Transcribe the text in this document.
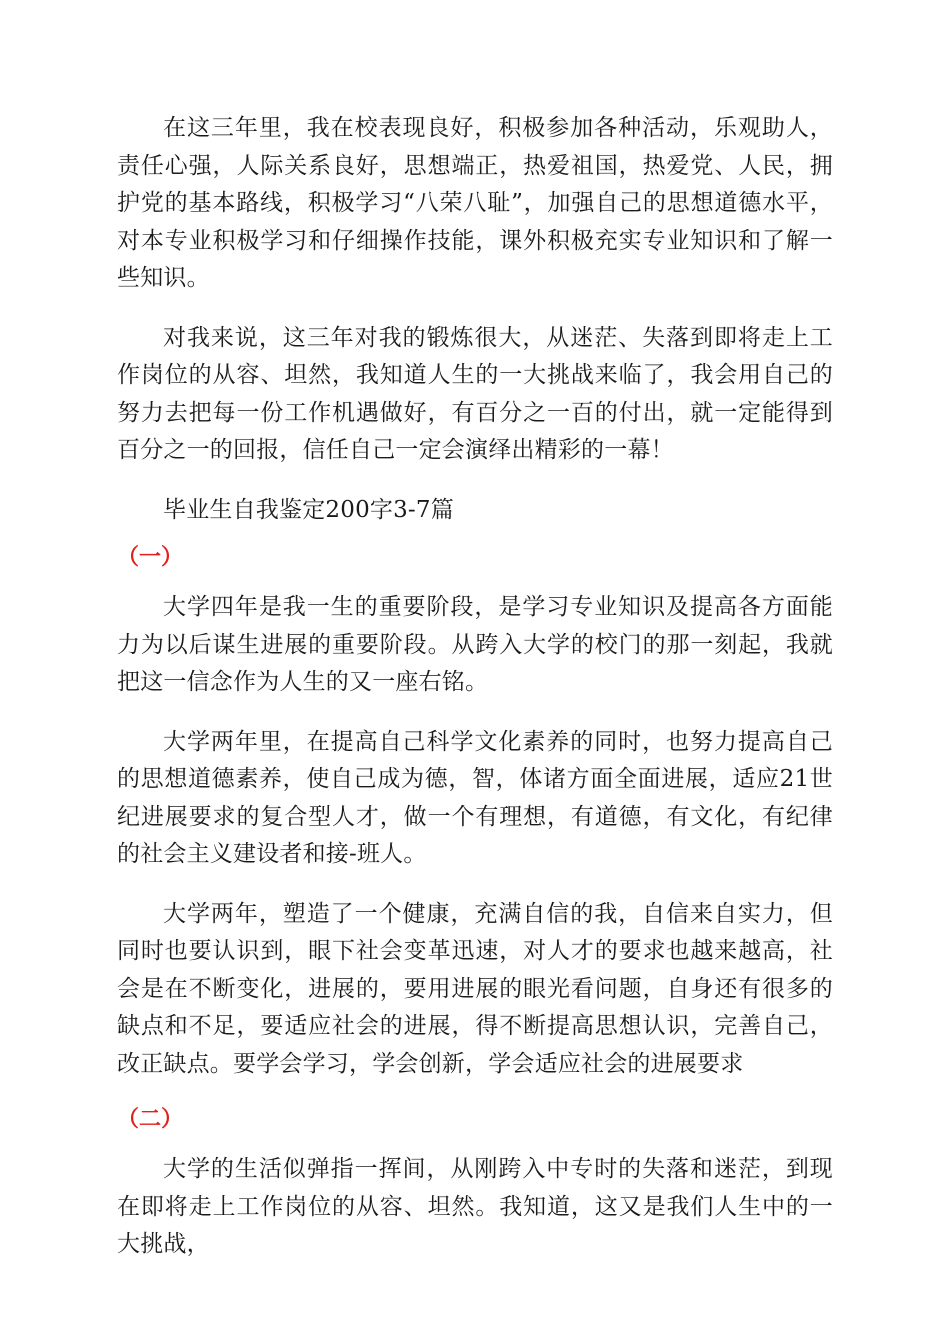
在这三年里，我在校表现良好，积极参加各种活动，乐观助人，责任心强，人际关系良好，思想端正，热爱祖国，热爱党、人民，拥护党的基本路线，积极学习“八荣八耻”，加强自己的思想道德水平，对本专业积极学习和仔细操作技能，课外积极充实专业知识和了解一些知识。

对我来说，这三年对我的锻炼很大，从迷茫、失落到即将走上工作岗位的从容、坦然，我知道人生的一大挑战来临了，我会用自己的努力去把每一份工作机遇做好，有百分之一百的付出，就一定能得到百分之一的回报，信任自己一定会演绎出精彩的一幕！

毕业生自我鉴定200字3-7篇

（一）

大学四年是我一生的重要阶段，是学习专业知识及提高各方面能力为以后谋生进展的重要阶段。从跨入大学的校门的那一刻起，我就把这一信念作为人生的又一座右铭。

大学两年里，在提高自己科学文化素养的同时，也努力提高自己的思想道德素养，使自己成为德，智，体诸方面全面进展，适应21世纪进展要求的复合型人才，做一个有理想，有道德，有文化，有纪律的社会主义建设者和接-班人。

大学两年，塑造了一个健康，充满自信的我，自信来自实力，但同时也要认识到，眼下社会变革迅速，对人才的要求也越来越高，社会是在不断变化，进展的，要用进展的眼光看问题，自身还有很多的缺点和不足，要适应社会的进展，得不断提高思想认识，完善自己，改正缺点。要学会学习，学会创新，学会适应社会的进展要求

（二）

大学的生活似弹指一挥间，从刚跨入中专时的失落和迷茫，到现在即将走上工作岗位的从容、坦然。我知道，这又是我们人生中的一大挑战，
